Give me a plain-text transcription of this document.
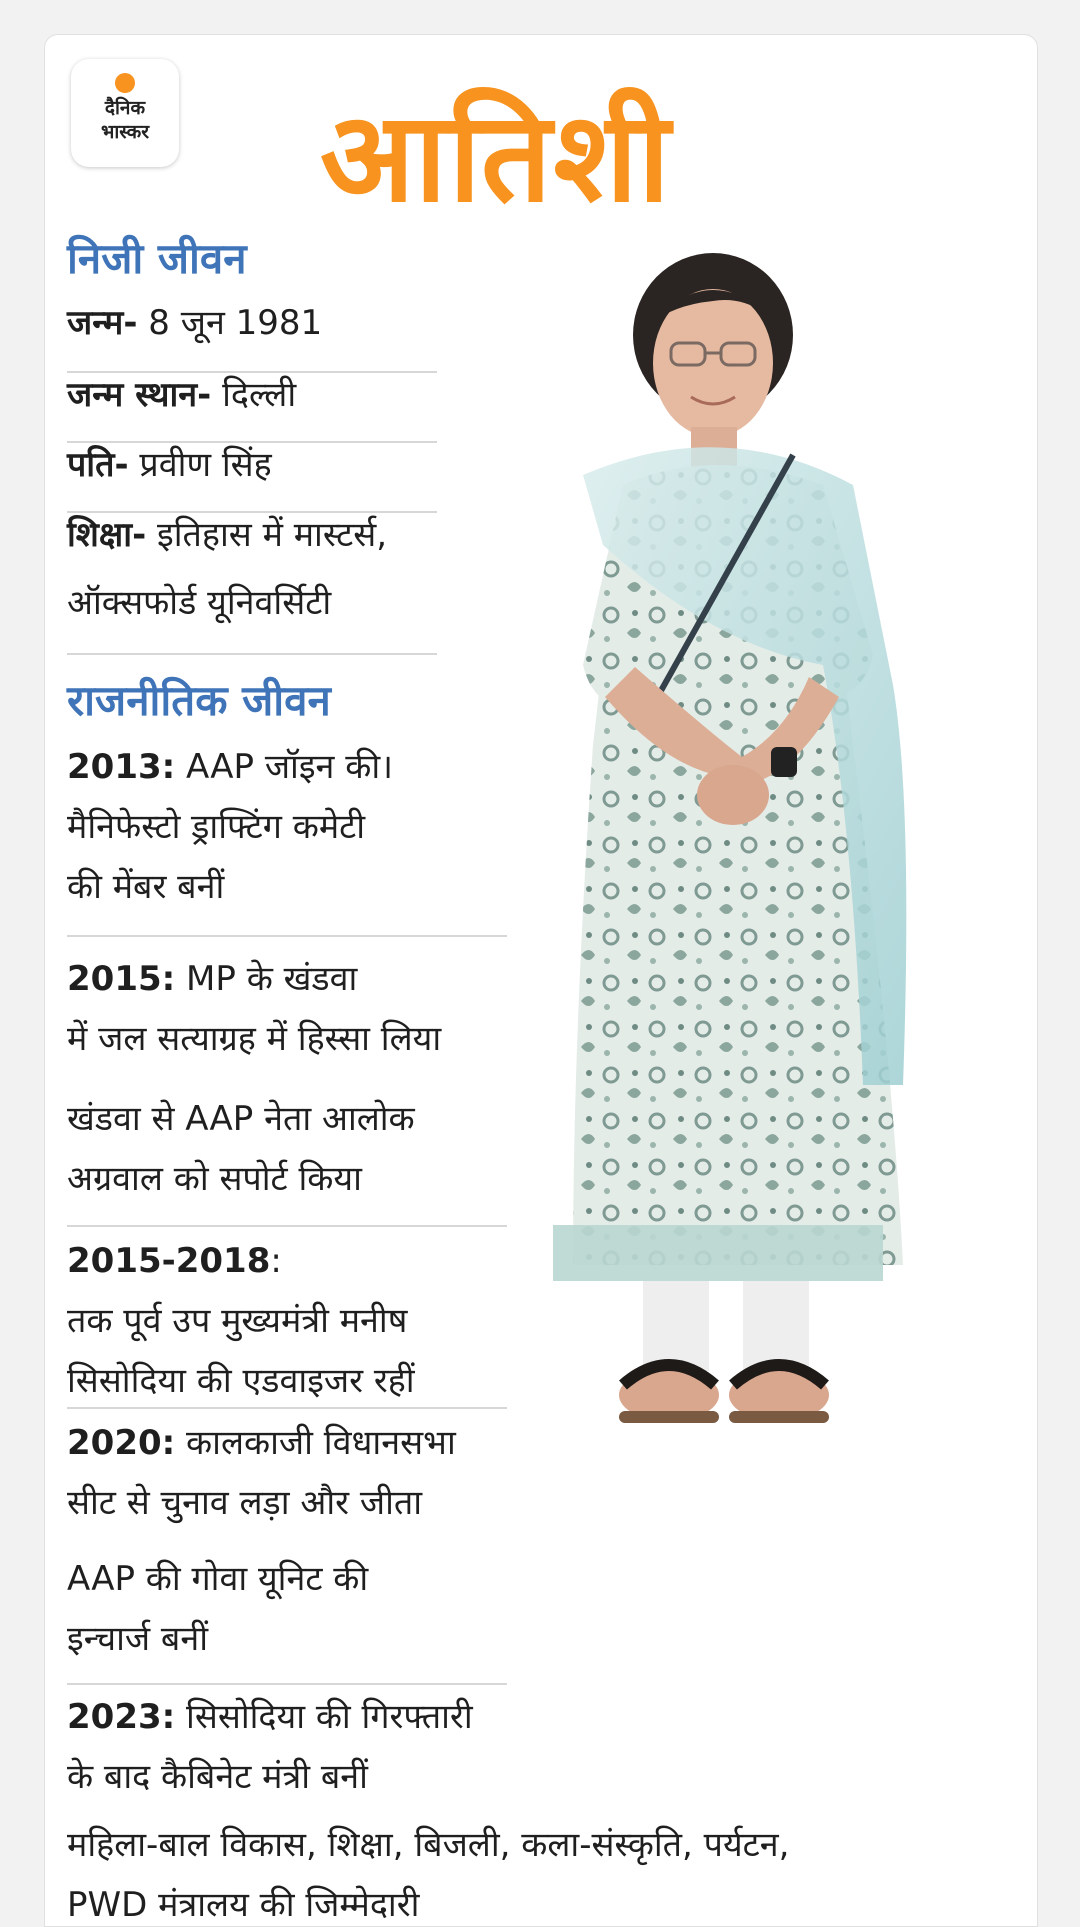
दैनिक
भास्कर आतिशी
निजी जीवन
जन्म- 8 जून 1981
जन्म स्थान- दिल्ली
पति- प्रवीण सिंह
शिक्षा- इतिहास में मास्टर्स,
ऑक्सफोर्ड यूनिवर्सिटी
राजनीतिक जीवन
2013: AAP जॉइन की।
मैनिफेस्टो ड्राफ्टिंग कमेटी
की मेंबर बनीं
2015: MP के खंडवा
में जल सत्याग्रह में हिस्सा लिया
खंडवा से AAP नेता आलोक
अग्रवाल को सपोर्ट किया
2015-2018:
तक पूर्व उप मुख्यमंत्री मनीष
सिसोदिया की एडवाइजर रहीं
2020: कालकाजी विधानसभा
सीट से चुनाव लड़ा और जीता
AAP की गोवा यूनिट की
इन्चार्ज बनीं
2023: सिसोदिया की गिरफ्तारी
के बाद कैबिनेट मंत्री बनीं
महिला-बाल विकास, शिक्षा, बिजली, कला-संस्कृति, पर्यटन,
PWD मंत्रालय की जिम्मेदारी
